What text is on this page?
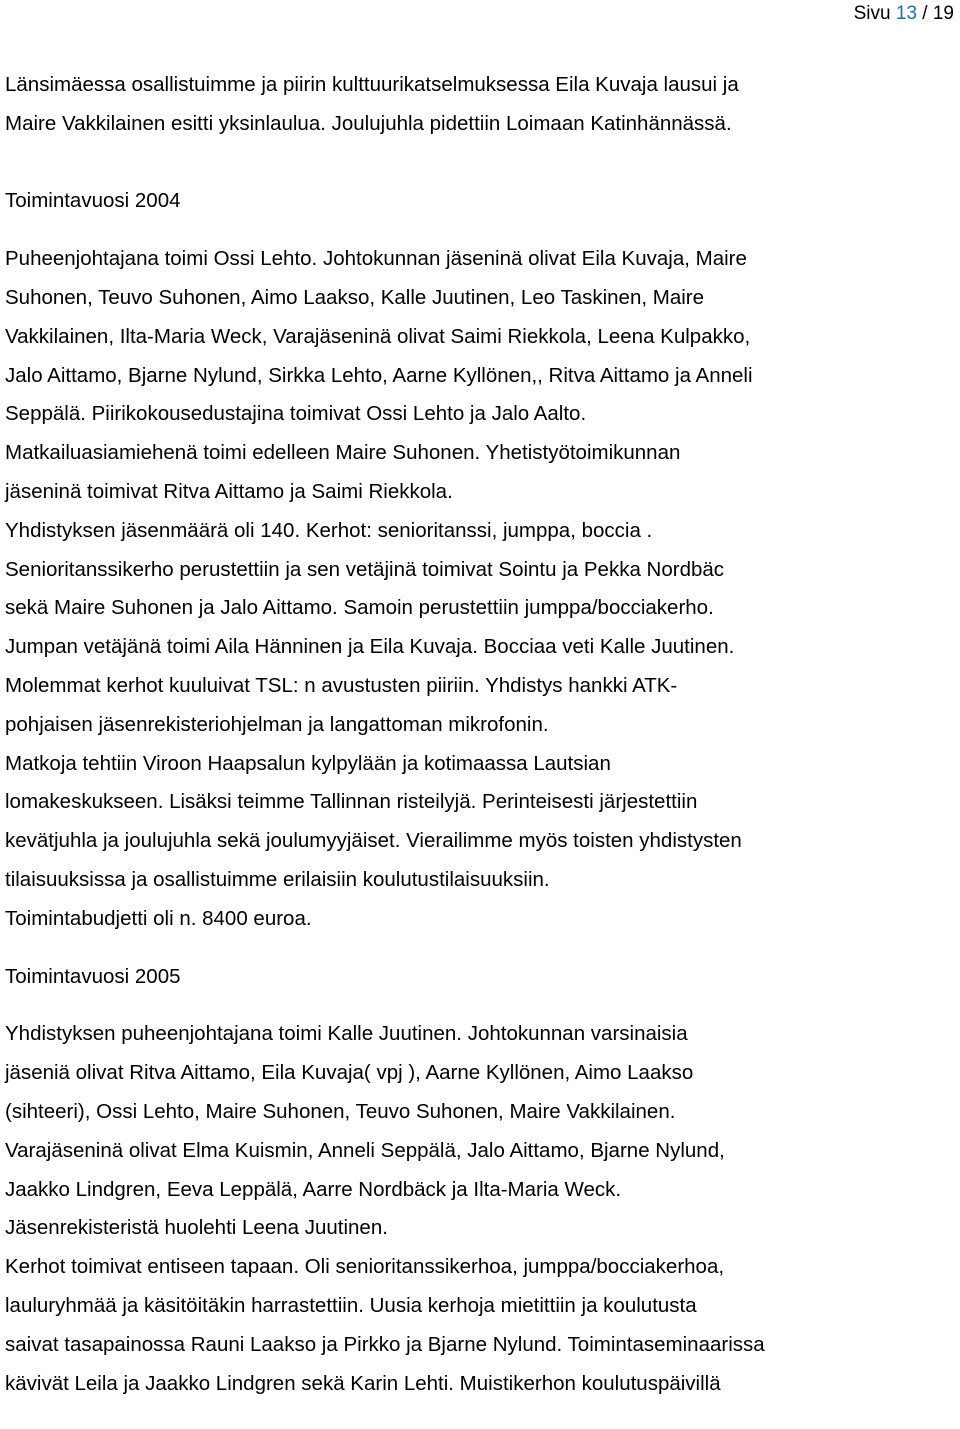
Sivu 13 / 19
Länsimäessa osallistuimme ja piirin kulttuurikatselmuksessa Eila Kuvaja lausui ja
Maire Vakkilainen esitti yksinlaulua. Joulujuhla pidettiin Loimaan Katinhännässä.
Toimintavuosi 2004
Puheenjohtajana toimi Ossi Lehto. Johtokunnan jäseninä olivat Eila Kuvaja, Maire
Suhonen, Teuvo Suhonen, Aimo Laakso, Kalle Juutinen, Leo Taskinen, Maire
Vakkilainen, Ilta-Maria Weck, Varajäseninä olivat Saimi Riekkola, Leena Kulpakko,
Jalo Aittamo, Bjarne Nylund, Sirkka Lehto, Aarne Kyllönen,, Ritva Aittamo ja Anneli
Seppälä. Piirikokousedustajina toimivat Ossi Lehto ja Jalo Aalto.
Matkailuasiamiehenä toimi edelleen Maire Suhonen. Yhetistyötoimikunnan
jäseninä toimivat Ritva Aittamo ja Saimi Riekkola.
Yhdistyksen jäsenmäärä oli 140. Kerhot: senioritanssi, jumppa, boccia .
Senioritanssikerho perustettiin ja sen vetäjinä toimivat Sointu ja Pekka Nordbäc
sekä Maire Suhonen ja Jalo Aittamo. Samoin perustettiin jumppa/bocciakerho.
Jumpan vetäjänä toimi Aila Hänninen ja Eila Kuvaja. Bocciaa veti Kalle Juutinen.
Molemmat kerhot kuuluivat TSL: n avustusten piiriin. Yhdistys hankki ATK-
pohjaisen jäsenrekisteriohjelman ja langattoman mikrofonin.
Matkoja tehtiin Viroon Haapsalun kylpylään ja kotimaassa Lautsian
lomakeskukseen. Lisäksi teimme Tallinnan risteilyjä. Perinteisesti järjestettiin
kevätjuhla ja joulujuhla sekä joulumyyjäiset. Vierailimme myös toisten yhdistysten
tilaisuuksissa ja osallistuimme erilaisiin koulutustilaisuuksiin.
Toimintabudjetti oli n. 8400 euroa.
Toimintavuosi 2005
Yhdistyksen puheenjohtajana toimi Kalle Juutinen. Johtokunnan varsinaisia
jäseniä olivat Ritva Aittamo, Eila Kuvaja( vpj ), Aarne Kyllönen, Aimo Laakso
(sihteeri), Ossi Lehto, Maire Suhonen, Teuvo Suhonen, Maire Vakkilainen.
Varajäseninä olivat Elma Kuismin, Anneli Seppälä, Jalo Aittamo, Bjarne Nylund,
Jaakko Lindgren, Eeva Leppälä, Aarre Nordbäck ja Ilta-Maria Weck.
Jäsenrekisteristä huolehti Leena Juutinen.
Kerhot toimivat entiseen tapaan. Oli senioritanssikerhoa, jumppa/bocciakerhoa,
lauluryhmää ja käsitöitäkin harrastettiin. Uusia kerhoja mietittiin ja koulutusta
saivat tasapainossa Rauni Laakso ja Pirkko ja Bjarne Nylund. Toimintaseminaarissa
kävivät Leila ja Jaakko Lindgren sekä Karin Lehti. Muistikerhon koulutuspäivillä
